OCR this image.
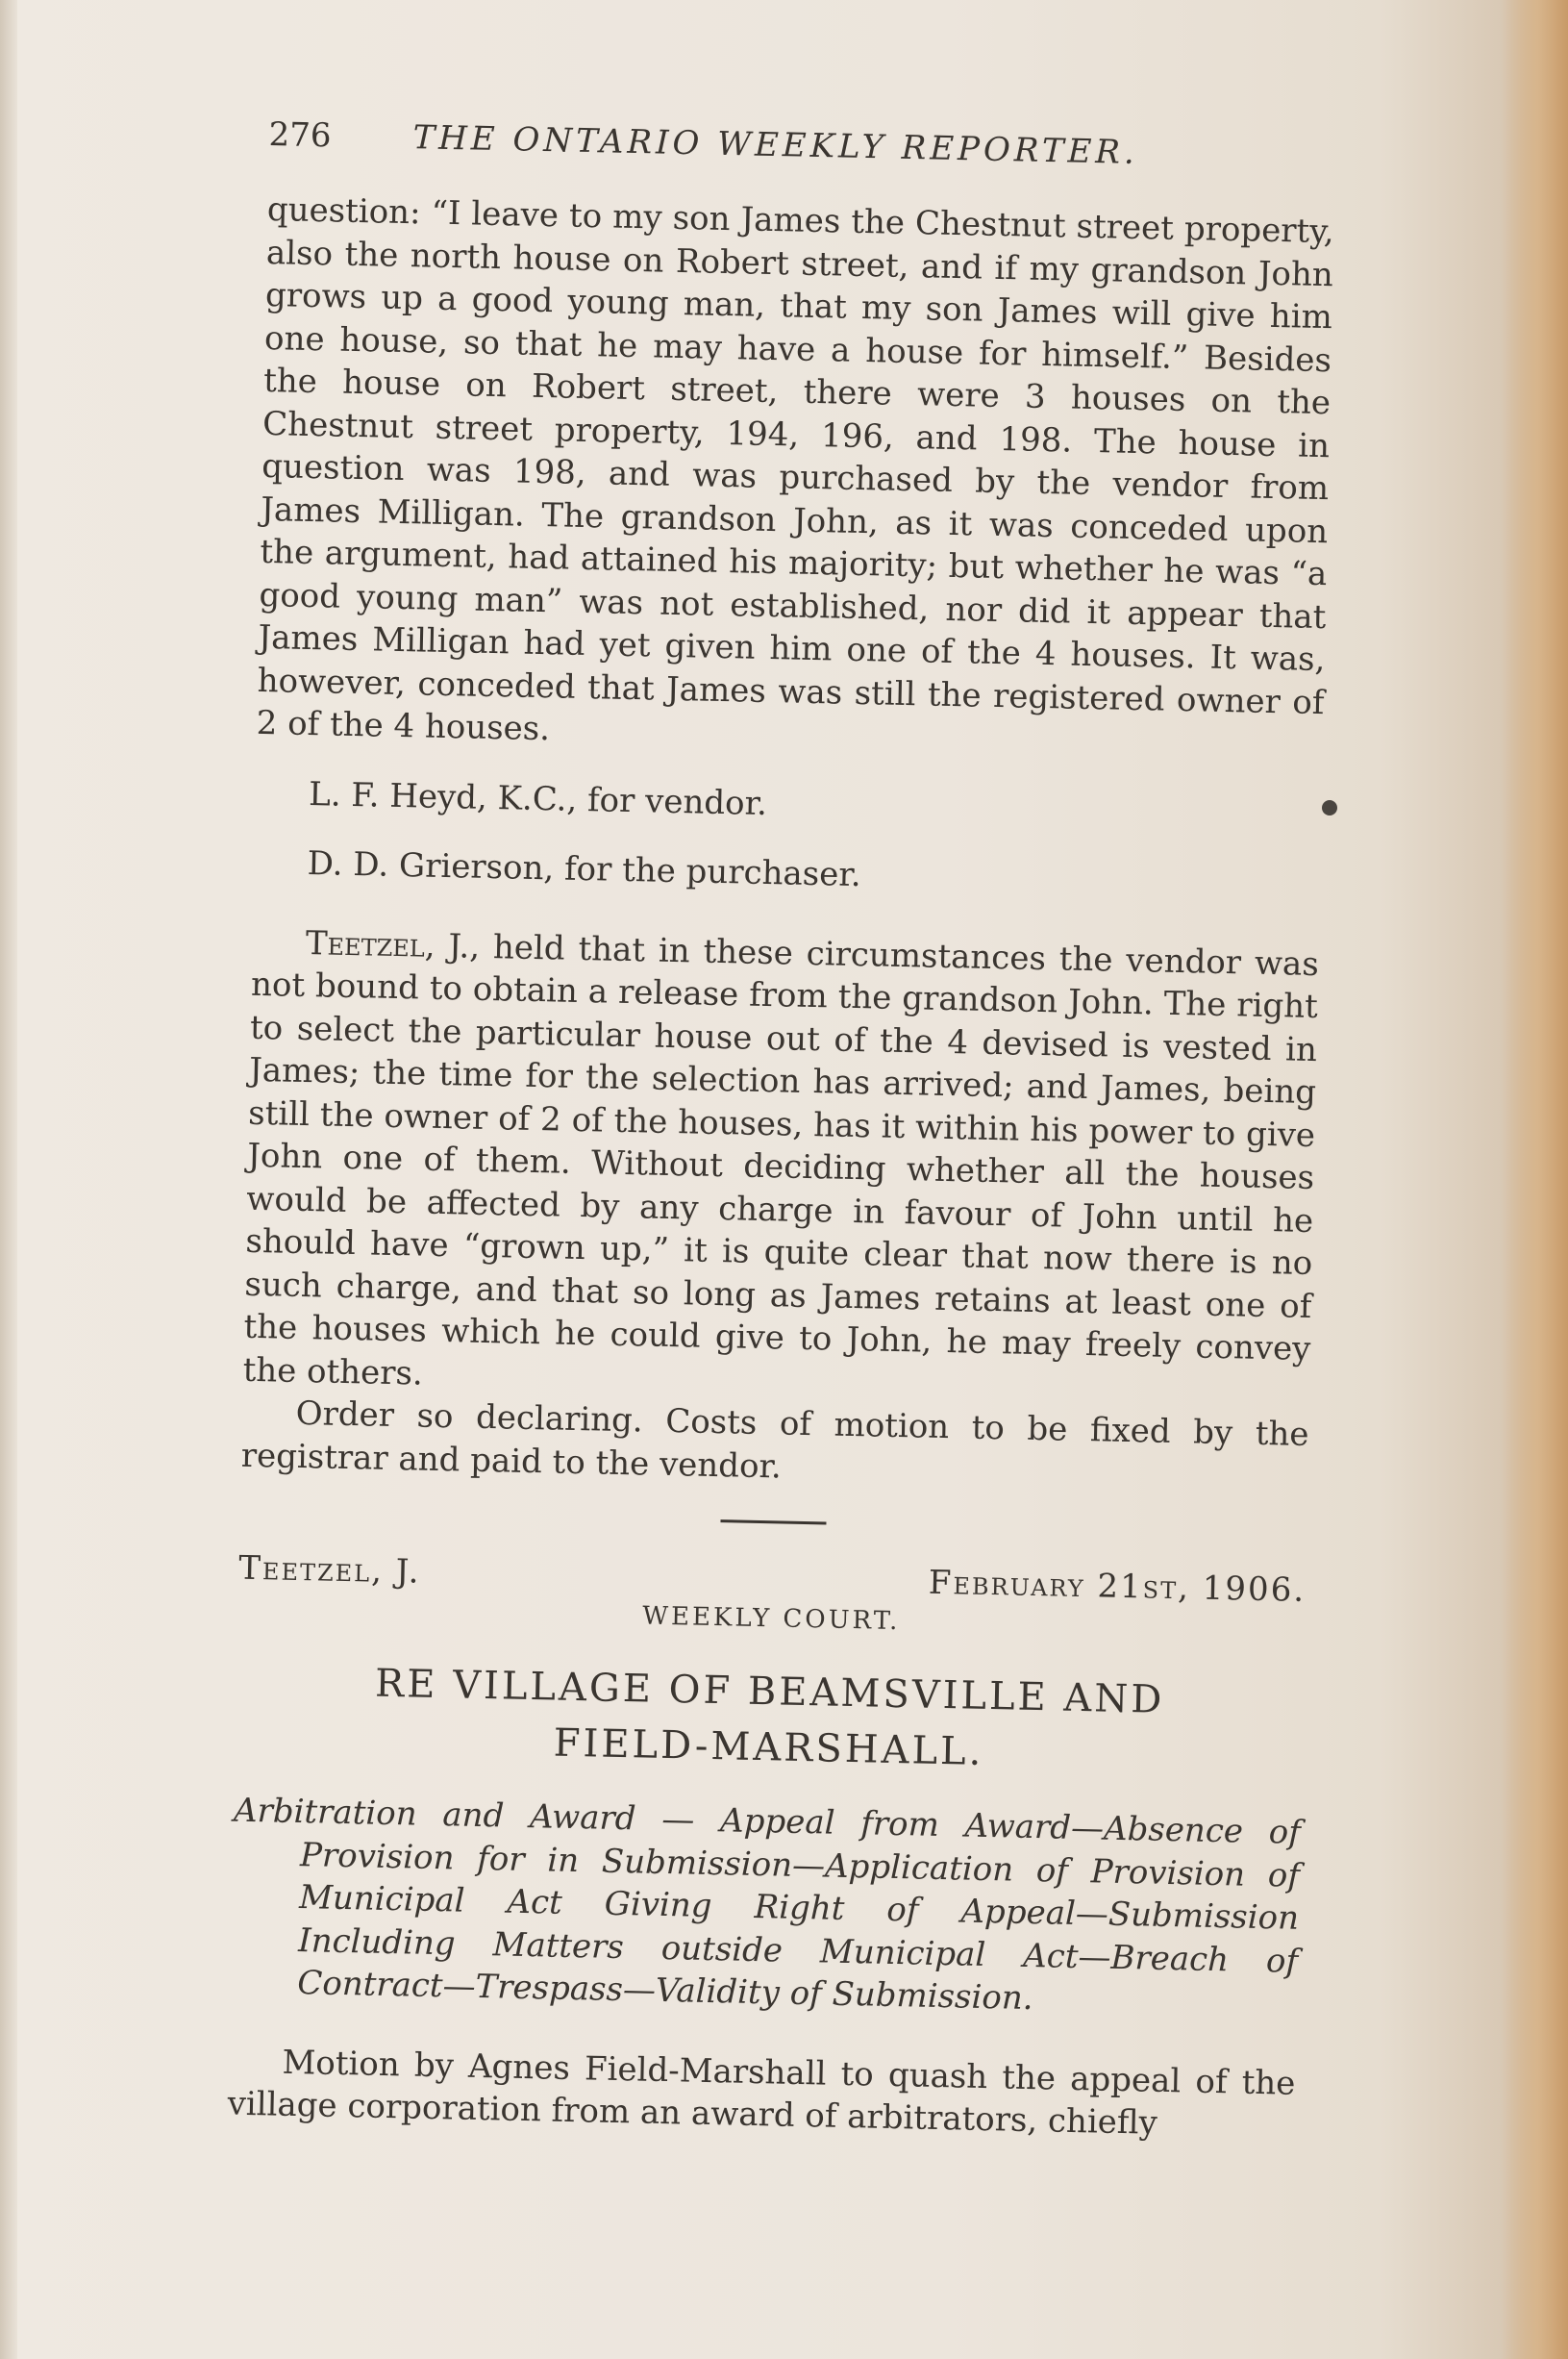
276	THE ONTARIO WEEKLY REPORTER.

question: “I leave to my son James the Chestnut street property, also the north house on Robert street, and if my grandson John grows up a good young man, that my son James will give him one house, so that he may have a house for himself.” Besides the house on Robert street, there were 3 houses on the Chestnut street property, 194, 196, and 198. The house in question was 198, and was purchased by the vendor from James Milligan. The grandson John, as it was conceded upon the argument, had attained his majority; but whether he was “a good young man” was not established, nor did it appear that James Milligan had yet given him one of the 4 houses. It was, however, conceded that James was still the registered owner of 2 of the 4 houses.

L. F. Heyd, K.C., for vendor.

D. D. Grierson, for the purchaser.

Teetzel, J., held that in these circumstances the vendor was not bound to obtain a release from the grandson John. The right to select the particular house out of the 4 devised is vested in James; the time for the selection has arrived; and James, being still the owner of 2 of the houses, has it within his power to give John one of them. Without deciding whether all the houses would be affected by any charge in favour of John until he should have “grown up,” it is quite clear that now there is no such charge, and that so long as James retains at least one of the houses which he could give to John, he may freely convey the others.

Order so declaring. Costs of motion to be fixed by the registrar and paid to the vendor.

Teetzel, J.	February 21st, 1906.
WEEKLY COURT.
RE VILLAGE OF BEAMSVILLE AND FIELD-MARSHALL.
Arbitration and Award — Appeal from Award—Absence of Provision for in Submission—Application of Provision of Municipal Act Giving Right of Appeal—Submission Including Matters outside Municipal Act—Breach of Contract—Trespass—Validity of Submission.

Motion by Agnes Field-Marshall to quash the appeal of the village corporation from an award of arbitrators, chiefly
